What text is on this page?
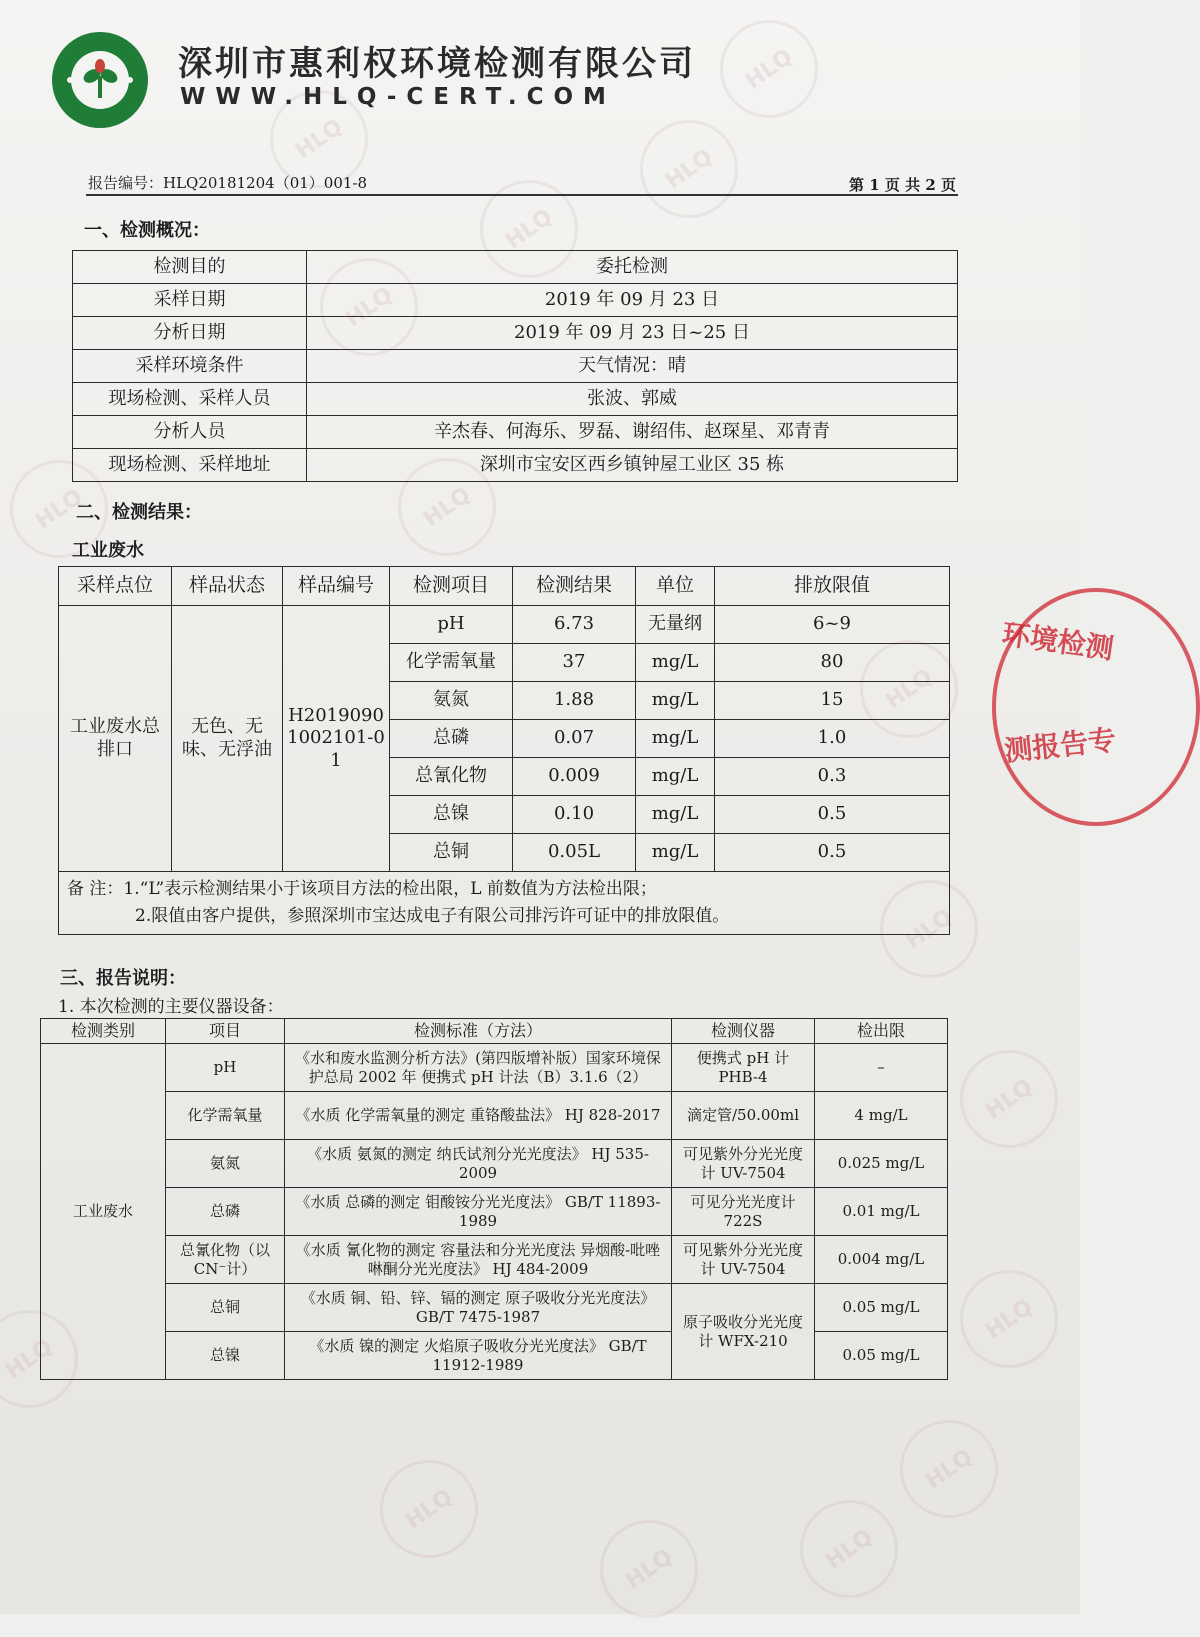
HLQ
HLQ
HLQ
HLQ
HLQ
HLQ	HLQ
HLQ
HLQ
HLQ
HLQ
HLQ
HLQ
HLQ	HLQ
HLQ
深圳市惠利权环境检测有限公司
WWW.HLQ-CERT.COM
报告编号：HLQ20181204（01）001-8	第 1 页 共 2 页
一、检测概况：
检测目的	委托检测
采样日期	2019 年 09 月 23 日
分析日期	2019 年 09 月 23 日~25 日
采样环境条件	天气情况：晴
现场检测、采样人员	张波、郭威
分析人员	辛杰春、何海乐、罗磊、谢绍伟、赵琛星、邓青青
现场检测、采样地址	深圳市宝安区西乡镇钟屋工业区 35 栋
二、检测结果：
工业废水
采样点位	样品状态	样品编号	检测项目	检测结果	单位	排放限值
工业废水总排口	无色、无味、无浮油	H20190901002101-01	pH	6.73	无量纲	6~9
			化学需氧量	37	mg/L	80
			氨氮	1.88	mg/L	15
			总磷	0.07	mg/L	1.0
			总氰化物	0.009	mg/L	0.3
			总镍	0.10	mg/L	0.5
			总铜	0.05L	mg/L	0.5

备 注：1.“L”表示检测结果小于该项目方法的检出限，L 前数值为方法检出限；
2.限值由客户提供，参照深圳市宝达成电子有限公司排污许可证中的排放限值。						
三、报告说明：
1. 本次检测的主要仪器设备：
检测类别	项目	检测标准（方法）	检测仪器	检出限
工业废水	pH	《水和废水监测分析方法》(第四版增补版）国家环境保护总局 2002 年 便携式 pH 计法（B）3.1.6（2）	便携式 pH 计 PHB-4	–
	化学需氧量	《水质 化学需氧量的测定 重铬酸盐法》 HJ 828-2017	滴定管/50.00ml	4 mg/L
	氨氮	《水质 氨氮的测定 纳氏试剂分光光度法》 HJ 535-2009	可见紫外分光光度计 UV-7504	0.025 mg/L
	总磷	《水质 总磷的测定 钼酸铵分光光度法》 GB/T 11893-1989	可见分光光度计 722S	0.01 mg/L
	总氰化物（以 CN⁻计）	《水质 氰化物的测定 容量法和分光光度法 异烟酸-吡唑啉酮分光光度法》 HJ 484-2009	可见紫外分光光度计 UV-7504	0.004 mg/L
	总铜	《水质 铜、铅、锌、镉的测定 原子吸收分光光度法》 GB/T 7475-1987	原子吸收分光光度计 WFX-210	0.05 mg/L
	总镍	《水质 镍的测定 火焰原子吸收分光光度法》 GB/T 11912-1989		0.05 mg/L
环境检测
测报告专
